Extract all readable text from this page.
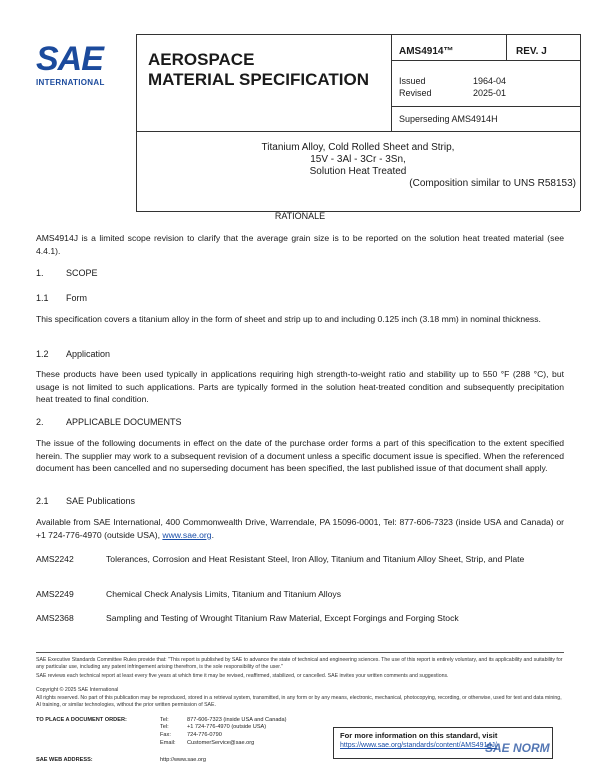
SAE
INTERNATIONAL
AEROSPACE
MATERIAL SPECIFICATION
AMS4914™	REV. J
Issued	1964-04
Revised	2025-01
Superseding AMS4914H
Titanium Alloy, Cold Rolled Sheet and Strip,
15V - 3Al - 3Cr - 3Sn,
Solution Heat Treated
(Composition similar to UNS R58153)
RATIONALE
AMS4914J is a limited scope revision to clarify that the average grain size is to be reported on the solution heat treated material (see 4.4.1).
1. SCOPE
1.1 Form
This specification covers a titanium alloy in the form of sheet and strip up to and including 0.125 inch (3.18 mm) in nominal thickness.
1.2 Application
These products have been used typically in applications requiring high strength-to-weight ratio and stability up to 550 °F (288 °C), but usage is not limited to such applications. Parts are typically formed in the solution heat-treated condition and subsequently precipitation heat treated to final condition.
2. APPLICABLE DOCUMENTS
The issue of the following documents in effect on the date of the purchase order forms a part of this specification to the extent specified herein. The supplier may work to a subsequent revision of a document unless a specific document issue is specified. When the referenced document has been cancelled and no superseding document has been specified, the last published issue of that document shall apply.
2.1 SAE Publications
Available from SAE International, 400 Commonwealth Drive, Warrendale, PA 15096-0001, Tel: 877-606-7323 (inside USA and Canada) or +1 724-776-4970 (outside USA), www.sae.org.
AMS2242	Tolerances, Corrosion and Heat Resistant Steel, Iron Alloy, Titanium and Titanium Alloy Sheet, Strip, and Plate
AMS2249	Chemical Check Analysis Limits, Titanium and Titanium Alloys
AMS2368	Sampling and Testing of Wrought Titanium Raw Material, Except Forgings and Forging Stock
SAE Executive Standards Committee Rules provide that: "This report is published by SAE to advance the state of technical and engineering sciences. The use of this report is entirely voluntary, and its applicability and suitability for any particular use, including any patent infringement arising therefrom, is the sole responsibility of the user."
SAE reviews each technical report at least every five years at which time it may be revised, reaffirmed, stabilized, or cancelled. SAE invites your written comments and suggestions.
Copyright © 2025 SAE International
All rights reserved. No part of this publication may be reproduced, stored in a retrieval system, transmitted, in any form or by any means, electronic, mechanical, photocopying, recording, or otherwise, used for text and data mining, AI training, or similar technologies, without the prior written permission of SAE.
TO PLACE A DOCUMENT ORDER:	Tel:	877-606-7323 (inside USA and Canada)
Tel:	+1 724-776-4970 (outside USA)
Fax:	724-776-0790
Email: CustomerService@sae.org
SAE WEB ADDRESS:	http://www.sae.org
For more information on this standard, visit
https://www.sae.org/standards/content/AMS4914J/
SAE NORM
